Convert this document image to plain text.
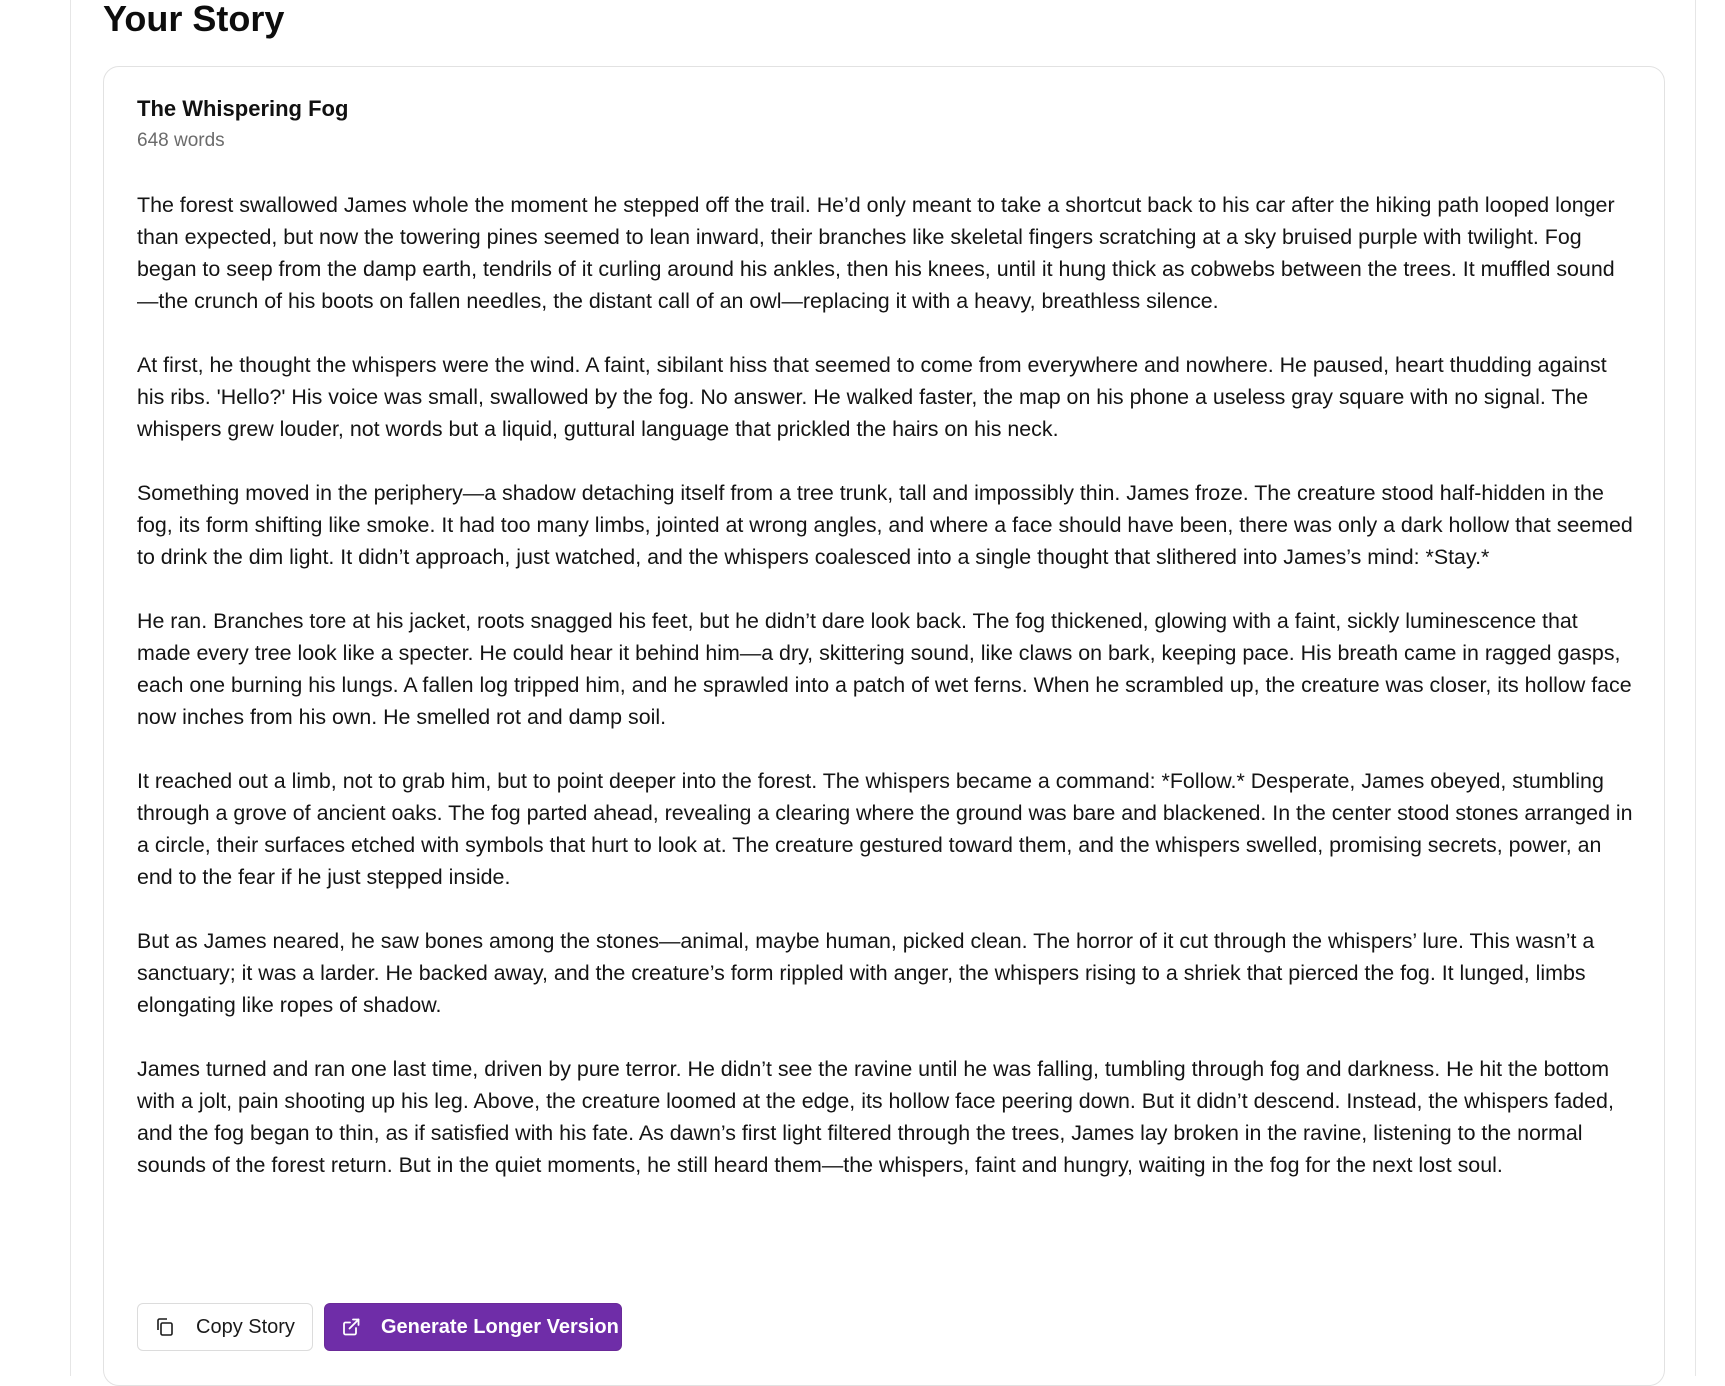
Your Story
The Whispering Fog
648 words

The forest swallowed James whole the moment he stepped off the trail. He’d only meant to take a shortcut back to his car after the hiking path looped longer than expected, but now the towering pines seemed to lean inward, their branches like skeletal fingers scratching at a sky bruised purple with twilight. Fog began to seep from the damp earth, tendrils of it curling around his ankles, then his knees, until it hung thick as cobwebs between the trees. It muffled sound—the crunch of his boots on fallen needles, the distant call of an owl—replacing it with a heavy, breathless silence.

At first, he thought the whispers were the wind. A faint, sibilant hiss that seemed to come from everywhere and nowhere. He paused, heart thudding against his ribs. 'Hello?' His voice was small, swallowed by the fog. No answer. He walked faster, the map on his phone a useless gray square with no signal. The whispers grew louder, not words but a liquid, guttural language that prickled the hairs on his neck.

Something moved in the periphery—a shadow detaching itself from a tree trunk, tall and impossibly thin. James froze. The creature stood half-hidden in the fog, its form shifting like smoke. It had too many limbs, jointed at wrong angles, and where a face should have been, there was only a dark hollow that seemed to drink the dim light. It didn’t approach, just watched, and the whispers coalesced into a single thought that slithered into James’s mind: *Stay.*

He ran. Branches tore at his jacket, roots snagged his feet, but he didn’t dare look back. The fog thickened, glowing with a faint, sickly luminescence that made every tree look like a specter. He could hear it behind him—a dry, skittering sound, like claws on bark, keeping pace. His breath came in ragged gasps, each one burning his lungs. A fallen log tripped him, and he sprawled into a patch of wet ferns. When he scrambled up, the creature was closer, its hollow face now inches from his own. He smelled rot and damp soil.

It reached out a limb, not to grab him, but to point deeper into the forest. The whispers became a command: *Follow.* Desperate, James obeyed, stumbling through a grove of ancient oaks. The fog parted ahead, revealing a clearing where the ground was bare and blackened. In the center stood stones arranged in a circle, their surfaces etched with symbols that hurt to look at. The creature gestured toward them, and the whispers swelled, promising secrets, power, an end to the fear if he just stepped inside.

But as James neared, he saw bones among the stones—animal, maybe human, picked clean. The horror of it cut through the whispers’ lure. This wasn’t a sanctuary; it was a larder. He backed away, and the creature’s form rippled with anger, the whispers rising to a shriek that pierced the fog. It lunged, limbs elongating like ropes of shadow.

James turned and ran one last time, driven by pure terror. He didn’t see the ravine until he was falling, tumbling through fog and darkness. He hit the bottom with a jolt, pain shooting up his leg. Above, the creature loomed at the edge, its hollow face peering down. But it didn’t descend. Instead, the whispers faded, and the fog began to thin, as if satisfied with his fate. As dawn’s first light filtered through the trees, James lay broken in the ravine, listening to the normal sounds of the forest return. But in the quiet moments, he still heard them—the whispers, faint and hungry, waiting in the fog for the next lost soul.

Copy Story	Generate Longer Version
